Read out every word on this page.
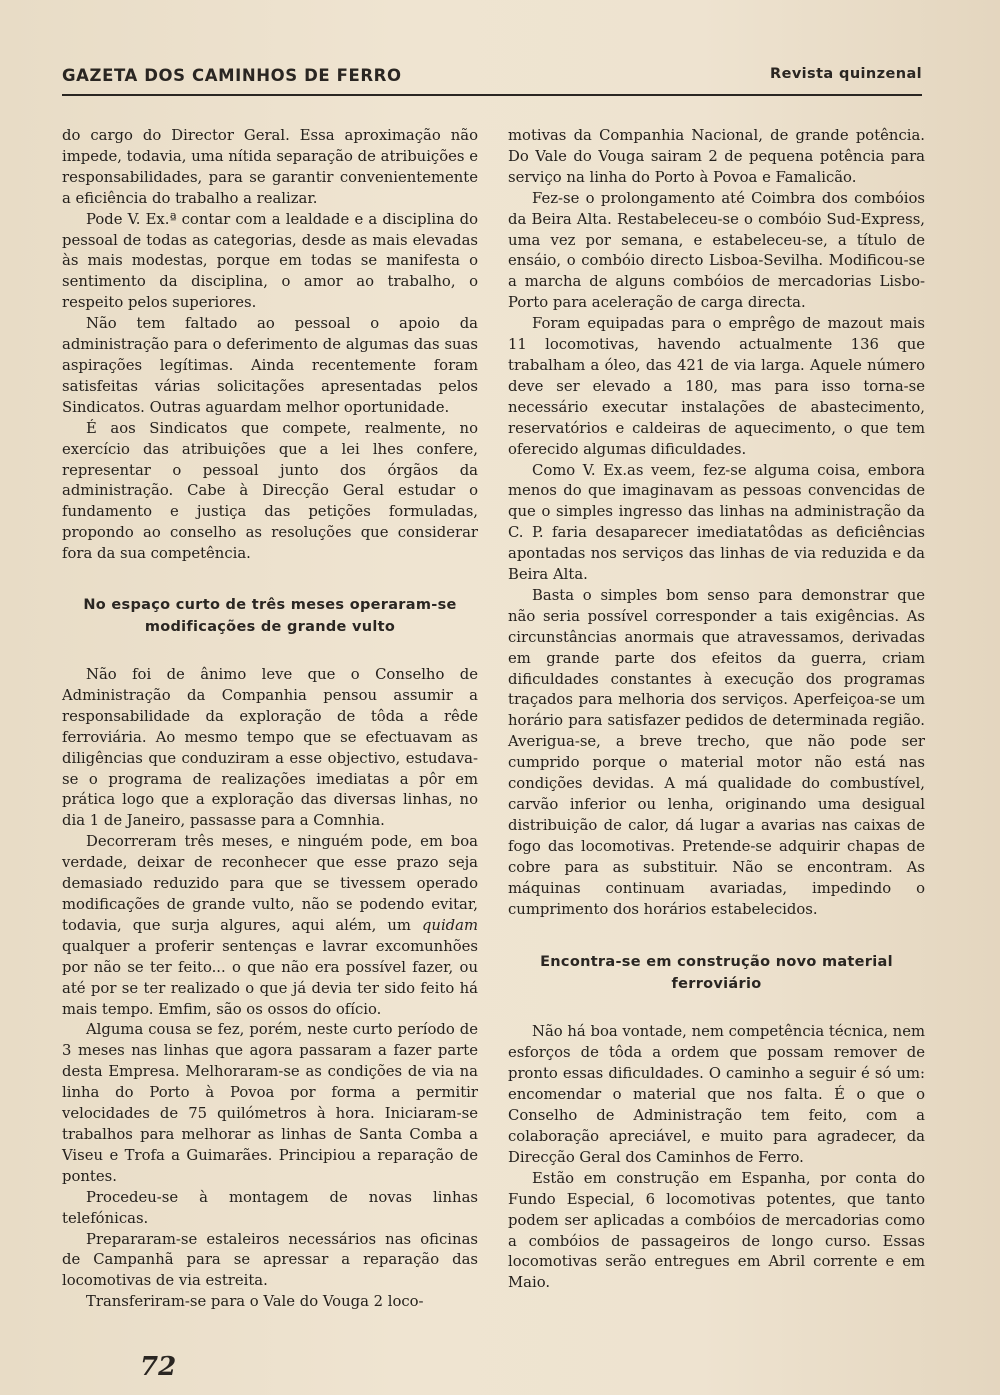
GAZETA DOS CAMINHOS DE FERRO	Revista quinzenal

do cargo do Director Geral. Essa aproximação não impede, todavia, uma nítida separação de atribuições e responsabilidades, para se garantir convenientemente a eficiência do trabalho a realizar.

Pode V. Ex.ª contar com a lealdade e a disciplina do pessoal de todas as categorias, desde as mais elevadas às mais modestas, porque em todas se manifesta o sentimento da disciplina, o amor ao trabalho, o respeito pelos superiores.

Não tem faltado ao pessoal o apoio da administração para o deferimento de algumas das suas aspirações legítimas. Ainda recentemente foram satisfeitas várias solicitações apresentadas pelos Sindicatos. Outras aguardam melhor oportunidade.

É aos Sindicatos que compete, realmente, no exercício das atribuições que a lei lhes confere, representar o pessoal junto dos órgãos da administração. Cabe à Direcção Geral estudar o fundamento e justiça das petições formuladas, propondo ao conselho as resoluções que considerar fora da sua competência.

No espaço curto de três meses operaram-se
modificações de grande vulto

Não foi de ânimo leve que o Conselho de Administração da Companhia pensou assumir a responsabilidade da exploração de tôda a rêde ferroviária. Ao mesmo tempo que se efectuavam as diligências que conduziram a esse objectivo, estudava-se o programa de realizações imediatas a pôr em prática logo que a exploração das diversas linhas, no dia 1 de Janeiro, passasse para a Comnhia.

Decorreram três meses, e ninguém pode, em boa verdade, deixar de reconhecer que esse prazo seja demasiado reduzido para que se tivessem operado modificações de grande vulto, não se podendo evitar, todavia, que surja algures, aqui além, um quidam qualquer a proferir sentenças e lavrar excomunhões por não se ter feito... o que não era possível fazer, ou até por se ter realizado o que já devia ter sido feito há mais tempo. Emfim, são os ossos do ofício.

Alguma cousa se fez, porém, neste curto período de 3 meses nas linhas que agora passaram a fazer parte desta Empresa. Melhoraram-se as condições de via na linha do Porto à Povoa por forma a permitir velocidades de 75 quilómetros à hora. Iniciaram-se trabalhos para melhorar as linhas de Santa Comba a Viseu e Trofa a Guimarães. Principiou a reparação de pontes.

Procedeu-se à montagem de novas linhas telefónicas.

Prepararam-se estaleiros necessários nas oficinas de Campanhã para se apressar a reparação das locomotivas de via estreita.

Transferiram-se para o Vale do Vouga 2 loco-

motivas da Companhia Nacional, de grande potência. Do Vale do Vouga sairam 2 de pequena potência para serviço na linha do Porto à Povoa e Famalicão.

Fez-se o prolongamento até Coimbra dos combóios da Beira Alta. Restabeleceu-se o combóio Sud-Express, uma vez por semana, e estabeleceu-se, a título de ensáio, o combóio directo Lisboa-Sevilha. Modificou-se a marcha de alguns combóios de mercadorias Lisbo-Porto para aceleração de carga directa.

Foram equipadas para o emprêgo de mazout mais 11 locomotivas, havendo actualmente 136 que trabalham a óleo, das 421 de via larga. Aquele número deve ser elevado a 180, mas para isso torna-se necessário executar instalações de abastecimento, reservatórios e caldeiras de aquecimento, o que tem oferecido algumas dificuldades.

Como V. Ex.as veem, fez-se alguma coisa, embora menos do que imaginavam as pessoas convencidas de que o simples ingresso das linhas na administração da C. P. faria desaparecer imediatatôdas as deficiências apontadas nos serviços das linhas de via reduzida e da Beira Alta.

Basta o simples bom senso para demonstrar que não seria possível corresponder a tais exigências. As circunstâncias anormais que atravessamos, derivadas em grande parte dos efeitos da guerra, criam dificuldades constantes à execução dos programas traçados para melhoria dos serviços. Aperfeiçoa-se um horário para satisfazer pedidos de determinada região. Averigua-se, a breve trecho, que não pode ser cumprido porque o material motor não está nas condições devidas. A má qualidade do combustível, carvão inferior ou lenha, originando uma desigual distribuição de calor, dá lugar a avarias nas caixas de fogo das locomotivas. Pretende-se adquirir chapas de cobre para as substituir. Não se encontram. As máquinas continuam avariadas, impedindo o cumprimento dos horários estabelecidos.

Encontra-se em construção novo material
ferroviário

Não há boa vontade, nem competência técnica, nem esforços de tôda a ordem que possam remover de pronto essas dificuldades. O caminho a seguir é só um: encomendar o material que nos falta. É o que o Conselho de Administração tem feito, com a colaboração apreciável, e muito para agradecer, da Direcção Geral dos Caminhos de Ferro.

Estão em construção em Espanha, por conta do Fundo Especial, 6 locomotivas potentes, que tanto podem ser aplicadas a combóios de mercadorias como a combóios de passageiros de longo curso. Essas locomotivas serão entregues em Abril corrente e em Maio.

72
